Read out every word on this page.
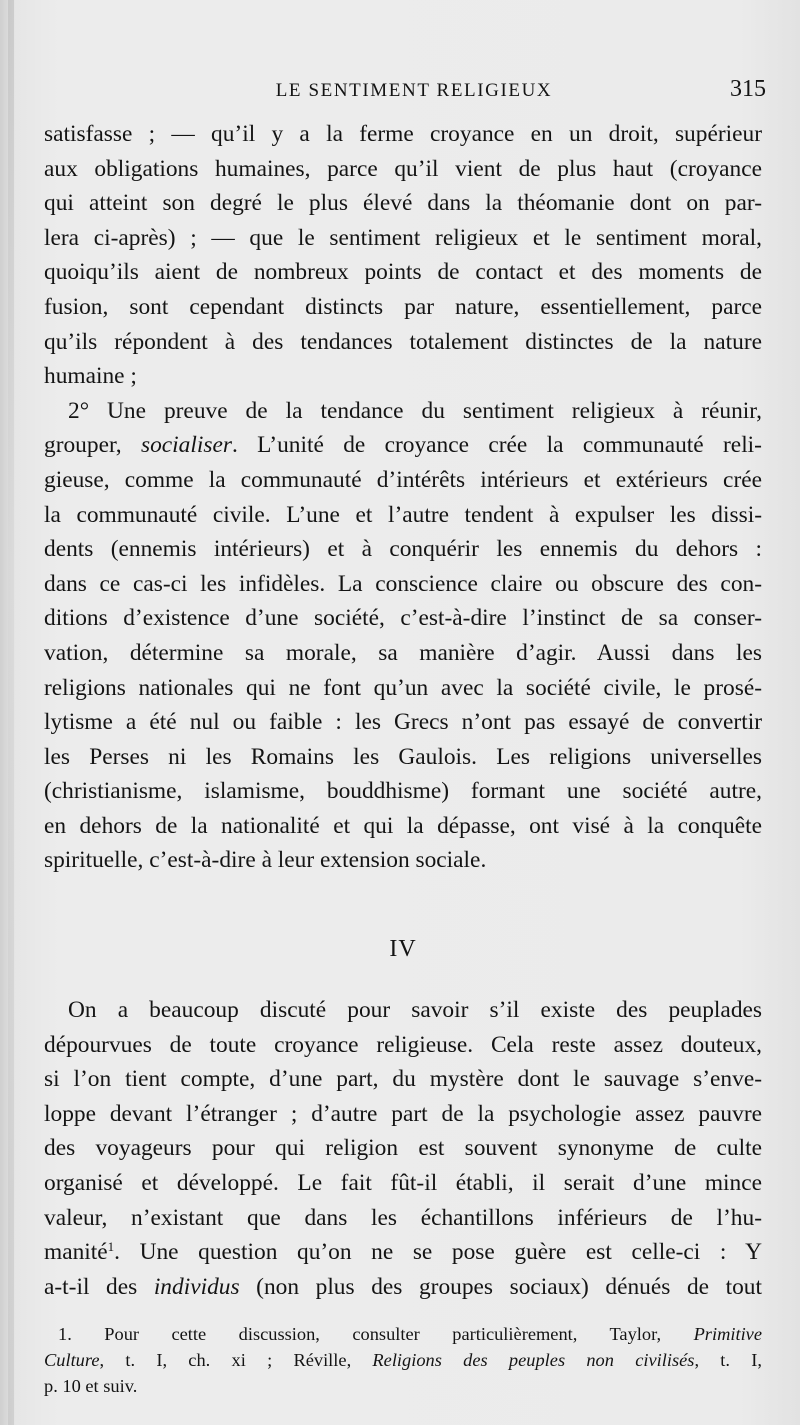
LE SENTIMENT RELIGIEUX	315
satisfasse ; — qu’il y a la ferme croyance en un droit, supérieur
aux obligations humaines, parce qu’il vient de plus haut (croyance
qui atteint son degré le plus élevé dans la théomanie dont on par-
lera ci-après) ; — que le sentiment religieux et le sentiment moral,
quoiqu’ils aient de nombreux points de contact et des moments de
fusion, sont cependant distincts par nature, essentiellement, parce
qu’ils répondent à des tendances totalement distinctes de la nature
humaine ;
2° Une preuve de la tendance du sentiment religieux à réunir,
grouper, socialiser. L’unité de croyance crée la communauté reli-
gieuse, comme la communauté d’intérêts intérieurs et extérieurs crée
la communauté civile. L’une et l’autre tendent à expulser les dissi-
dents (ennemis intérieurs) et à conquérir les ennemis du dehors :
dans ce cas-ci les infidèles. La conscience claire ou obscure des con-
ditions d’existence d’une société, c’est-à-dire l’instinct de sa conser-
vation, détermine sa morale, sa manière d’agir. Aussi dans les
religions nationales qui ne font qu’un avec la société civile, le prosé-
lytisme a été nul ou faible : les Grecs n’ont pas essayé de convertir
les Perses ni les Romains les Gaulois. Les religions universelles
(christianisme, islamisme, bouddhisme) formant une société autre,
en dehors de la nationalité et qui la dépasse, ont visé à la conquête
spirituelle, c’est-à-dire à leur extension sociale.
IV
On a beaucoup discuté pour savoir s’il existe des peuplades
dépourvues de toute croyance religieuse. Cela reste assez douteux,
si l’on tient compte, d’une part, du mystère dont le sauvage s’enve-
loppe devant l’étranger ; d’autre part de la psychologie assez pauvre
des voyageurs pour qui religion est souvent synonyme de culte
organisé et développé. Le fait fût-il établi, il serait d’une mince
valeur, n’existant que dans les échantillons inférieurs de l’hu-
manité$^1$. Une question qu’on ne se pose guère est celle-ci : Y
a-t-il des individus (non plus des groupes sociaux) dénués de tout
1. Pour cette discussion, consulter particulièrement, Taylor, Primitive
Culture, t. I, ch. xi ; Réville, Religions des peuples non civilisés, t. I,
p. 10 et suiv.
